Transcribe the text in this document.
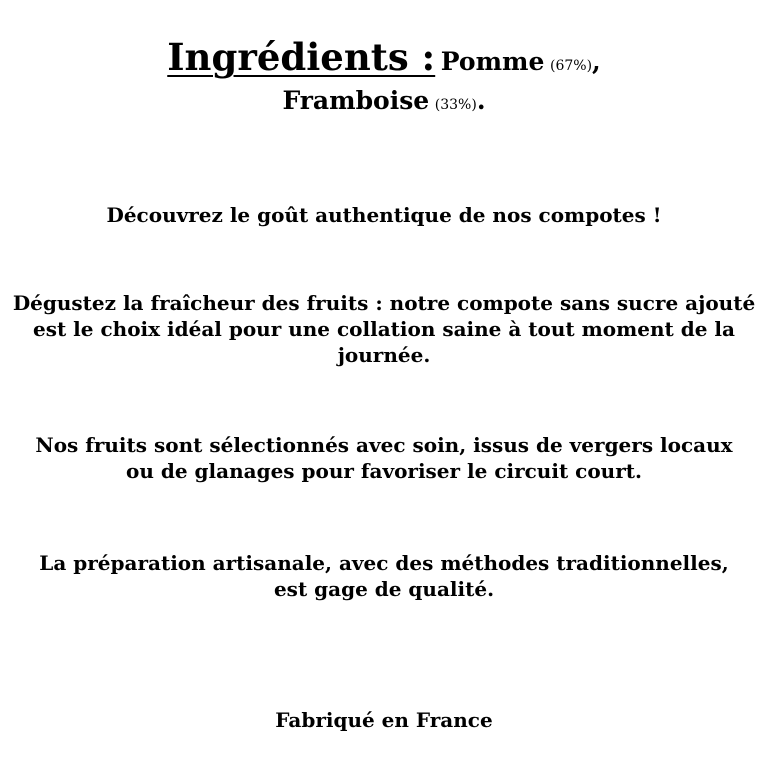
Ingrédients : Pomme (67%),
Framboise (33%).
Découvrez le goût authentique de nos compotes !
Dégustez la fraîcheur des fruits : notre compote sans sucre ajouté
est le choix idéal pour une collation saine à tout moment de la
journée.
Nos fruits sont sélectionnés avec soin, issus de vergers locaux
ou de glanages pour favoriser le circuit court.
La préparation artisanale, avec des méthodes traditionnelles,
est gage de qualité.
Fabriqué en France
